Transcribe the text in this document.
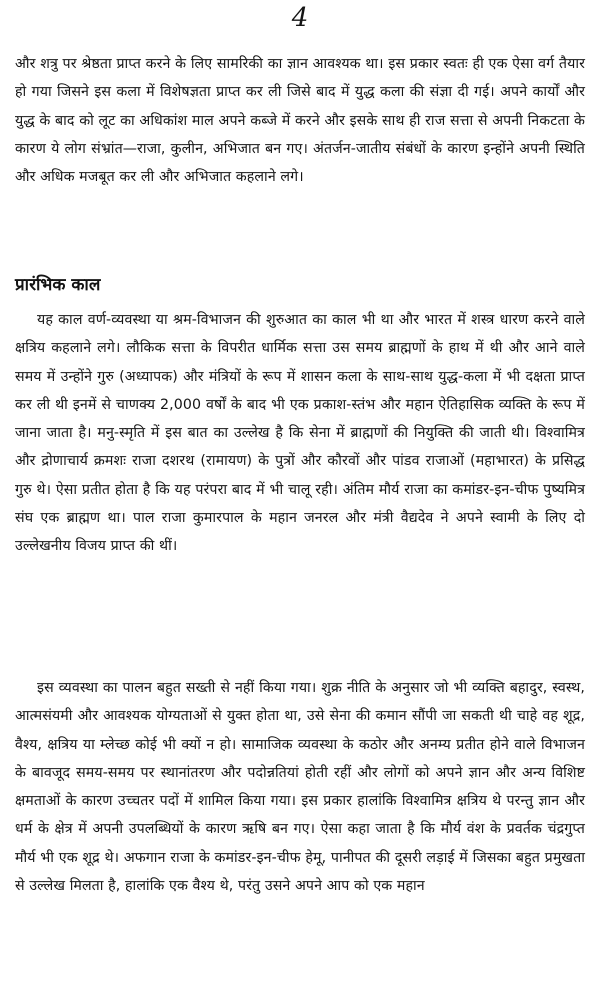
4

और शत्रु पर श्रेष्ठता प्राप्त करने के लिए सामरिकी का ज्ञान आवश्यक था। इस प्रकार स्वतः ही एक ऐसा वर्ग तैयार हो गया जिसने इस कला में विशेषज्ञता प्राप्त कर ली जिसे बाद में युद्ध कला की संज्ञा दी गई। अपने कार्यों और युद्ध के बाद को लूट का अधिकांश माल अपने कब्जे में करने और इसके साथ ही राज सत्ता से अपनी निकटता के कारण ये लोग संभ्रांत—राजा, कुलीन, अभिजात बन गए। अंतर्जन-जातीय संबंधों के कारण इन्होंने अपनी स्थिति और अधिक मजबूत कर ली और अभिजात कहलाने लगे।

प्रारंभिक काल

यह काल वर्ण-व्यवस्था या श्रम-विभाजन की शुरुआत का काल भी था और भारत में शस्त्र धारण करने वाले क्षत्रिय कहलाने लगे। लौकिक सत्ता के विपरीत धार्मिक सत्ता उस समय ब्राह्मणों के हाथ में थी और आने वाले समय में उन्होंने गुरु (अध्यापक) और मंत्रियों के रूप में शासन कला के साथ-साथ युद्ध-कला में भी दक्षता प्राप्त कर ली थी इनमें से चाणक्य 2,000 वर्षों के बाद भी एक प्रकाश-स्तंभ और महान ऐतिहासिक व्यक्ति के रूप में जाना जाता है। मनु-स्मृति में इस बात का उल्लेख है कि सेना में ब्राह्मणों की नियुक्ति की जाती थी। विश्वामित्र और द्रोणाचार्य क्रमशः राजा दशरथ (रामायण) के पुत्रों और कौरवों और पांडव राजाओं (महाभारत) के प्रसिद्ध गुरु थे। ऐसा प्रतीत होता है कि यह परंपरा बाद में भी चालू रही। अंतिम मौर्य राजा का कमांडर-इन-चीफ पुष्यमित्र संघ एक ब्राह्मण था। पाल राजा कुमारपाल के महान जनरल और मंत्री वैद्यदेव ने अपने स्वामी के लिए दो उल्लेखनीय विजय प्राप्त की थीं।

इस व्यवस्था का पालन बहुत सख्ती से नहीं किया गया। शुक्र नीति के अनुसार जो भी व्यक्ति बहादुर, स्वस्थ, आत्मसंयमी और आवश्यक योग्यताओं से युक्त होता था, उसे सेना की कमान सौंपी जा सकती थी चाहे वह शूद्र, वैश्य, क्षत्रिय या म्लेच्छ कोई भी क्यों न हो। सामाजिक व्यवस्था के कठोर और अनम्य प्रतीत होने वाले विभाजन के बावजूद समय-समय पर स्थानांतरण और पदोन्नतियां होती रहीं और लोगों को अपने ज्ञान और अन्य विशिष्ट क्षमताओं के कारण उच्चतर पदों में शामिल किया गया। इस प्रकार हालांकि विश्वामित्र क्षत्रिय थे परन्तु ज्ञान और धर्म के क्षेत्र में अपनी उपलब्धियों के कारण ऋषि बन गए। ऐसा कहा जाता है कि मौर्य वंश के प्रवर्तक चंद्रगुप्त मौर्य भी एक शूद्र थे। अफगान राजा के कमांडर-इन-चीफ हेमू, पानीपत की दूसरी लड़ाई में जिसका बहुत प्रमुखता से उल्लेख मिलता है, हालांकि एक वैश्य थे, परंतु उसने अपने आप को एक महान
